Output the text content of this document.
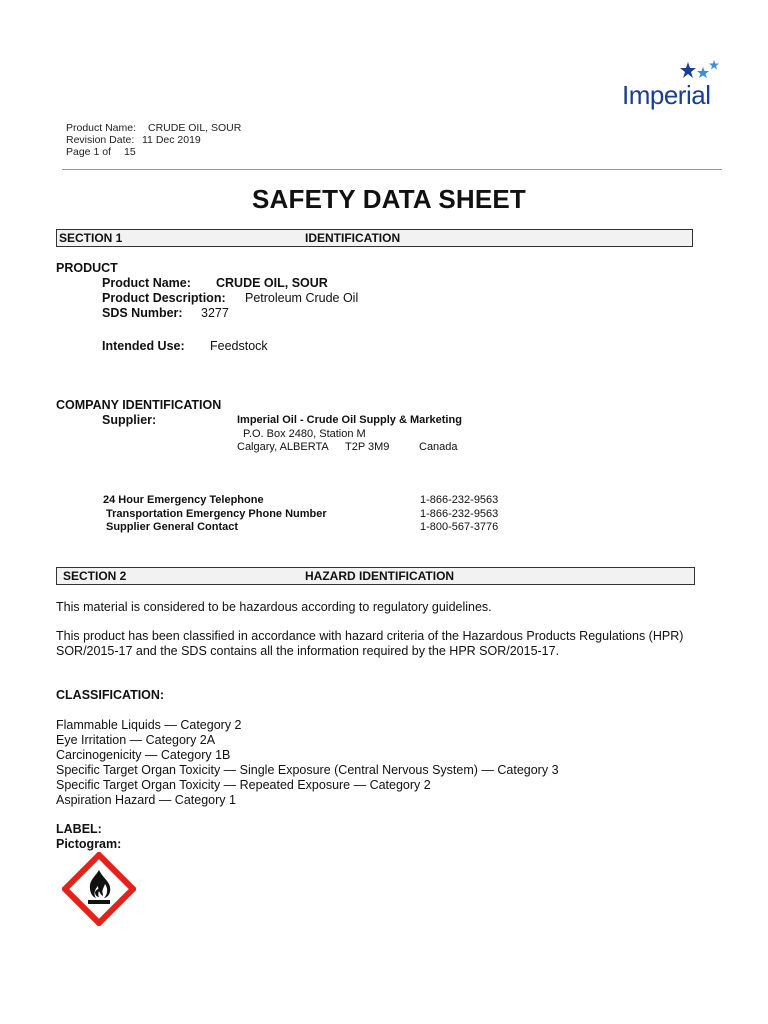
Imperial
Product Name: CRUDE OIL, SOUR
Revision Date: 11 Dec 2019
Page 1 of 15
SAFETY DATA SHEET
SECTION 1	IDENTIFICATION
PRODUCT
Product Name: CRUDE OIL, SOUR
Product Description: Petroleum Crude Oil
SDS Number: 3277
Intended Use: Feedstock
COMPANY IDENTIFICATION
Supplier:	Imperial Oil - Crude Oil Supply & Marketing
P.O. Box 2480, Station M
Calgary, ALBERTA T2P 3M9	Canada
24 Hour Emergency Telephone	1-866-232-9563
Transportation Emergency Phone Number	1-866-232-9563
Supplier General Contact	1-800-567-3776
SECTION 2	HAZARD IDENTIFICATION
This material is considered to be hazardous according to regulatory guidelines.
This product has been classified in accordance with hazard criteria of the Hazardous Products Regulations (HPR)
SOR/2015-17 and the SDS contains all the information required by the HPR SOR/2015-17.
CLASSIFICATION:
Flammable Liquids — Category 2
Eye Irritation — Category 2A
Carcinogenicity — Category 1B
Specific Target Organ Toxicity — Single Exposure (Central Nervous System) — Category 3
Specific Target Organ Toxicity — Repeated Exposure — Category 2
Aspiration Hazard — Category 1
LABEL:
Pictogram:
